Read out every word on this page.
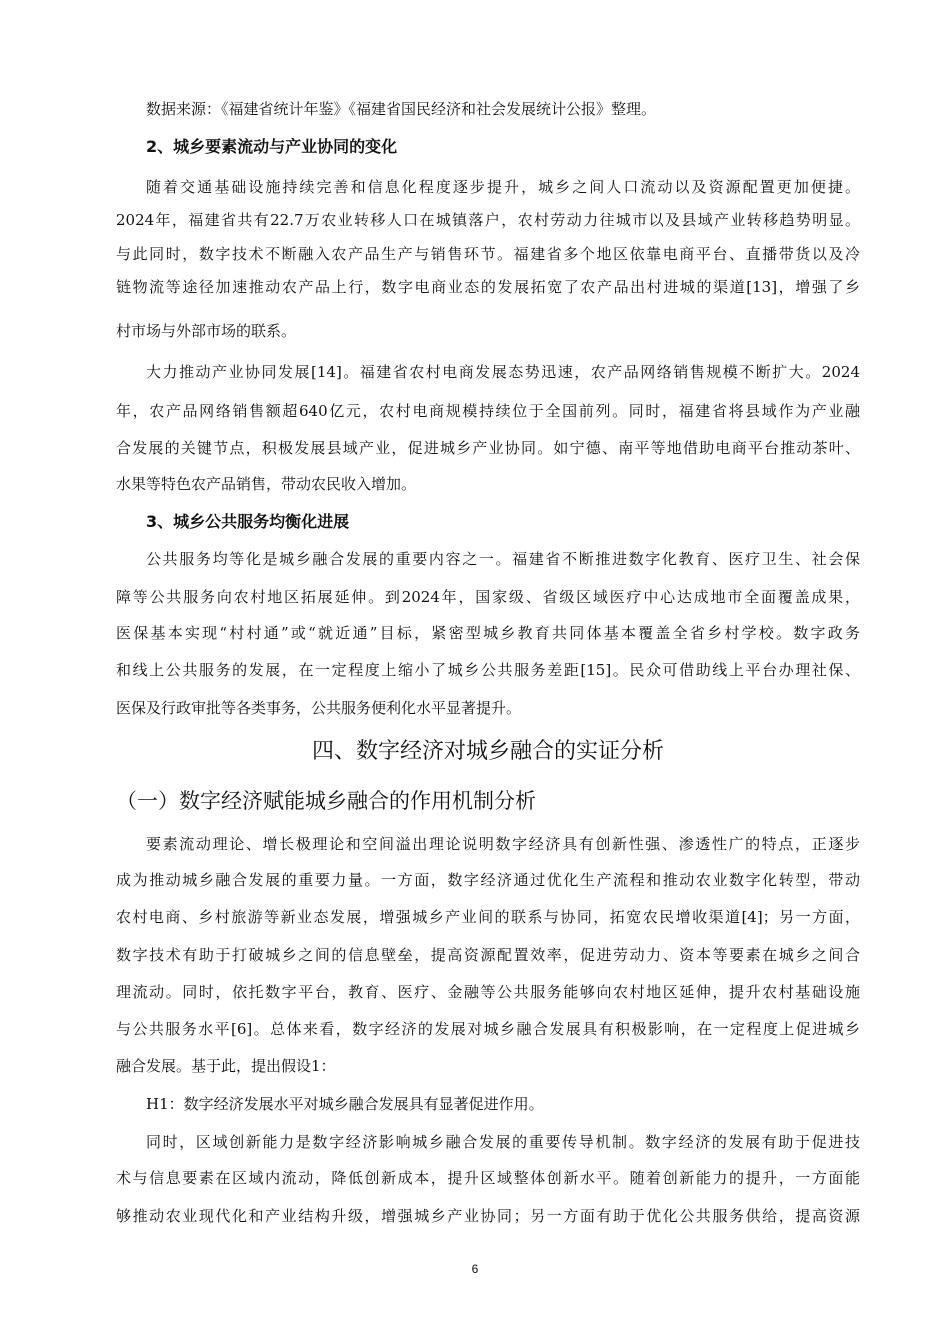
数据来源：《福建省统计年鉴》《福建省国民经济和社会发展统计公报》整理。
2、城乡要素流动与产业协同的变化
随着交通基础设施持续完善和信息化程度逐步提升，城乡之间人口流动以及资源配置更加便捷。
2024年，福建省共有22.7万农业转移人口在城镇落户，农村劳动力往城市以及县域产业转移趋势明显。
与此同时，数字技术不断融入农产品生产与销售环节。福建省多个地区依靠电商平台、直播带货以及冷
链物流等途径加速推动农产品上行，数字电商业态的发展拓宽了农产品出村进城的渠道[13]，增强了乡
村市场与外部市场的联系。
大力推动产业协同发展[14]。福建省农村电商发展态势迅速，农产品网络销售规模不断扩大。2024
年，农产品网络销售额超640亿元，农村电商规模持续位于全国前列。同时，福建省将县域作为产业融
合发展的关键节点，积极发展县域产业，促进城乡产业协同。如宁德、南平等地借助电商平台推动茶叶、
水果等特色农产品销售，带动农民收入增加。
3、城乡公共服务均衡化进展
公共服务均等化是城乡融合发展的重要内容之一。福建省不断推进数字化教育、医疗卫生、社会保
障等公共服务向农村地区拓展延伸。到2024年，国家级、省级区域医疗中心达成地市全面覆盖成果，
医保基本实现“村村通”或“就近通”目标，紧密型城乡教育共同体基本覆盖全省乡村学校。数字政务
和线上公共服务的发展，在一定程度上缩小了城乡公共服务差距[15]。民众可借助线上平台办理社保、
医保及行政审批等各类事务，公共服务便利化水平显著提升。
四、数字经济对城乡融合的实证分析
（一）数字经济赋能城乡融合的作用机制分析
要素流动理论、增长极理论和空间溢出理论说明数字经济具有创新性强、渗透性广的特点，正逐步
成为推动城乡融合发展的重要力量。一方面，数字经济通过优化生产流程和推动农业数字化转型，带动
农村电商、乡村旅游等新业态发展，增强城乡产业间的联系与协同，拓宽农民增收渠道[4]；另一方面，
数字技术有助于打破城乡之间的信息壁垒，提高资源配置效率，促进劳动力、资本等要素在城乡之间合
理流动。同时，依托数字平台，教育、医疗、金融等公共服务能够向农村地区延伸，提升农村基础设施
与公共服务水平[6]。总体来看，数字经济的发展对城乡融合发展具有积极影响，在一定程度上促进城乡
融合发展。基于此，提出假设1：
H1：数字经济发展水平对城乡融合发展具有显著促进作用。
同时，区域创新能力是数字经济影响城乡融合发展的重要传导机制。数字经济的发展有助于促进技
术与信息要素在区域内流动，降低创新成本，提升区域整体创新水平。随着创新能力的提升，一方面能
够推动农业现代化和产业结构升级，增强城乡产业协同；另一方面有助于优化公共服务供给，提高资源
6
